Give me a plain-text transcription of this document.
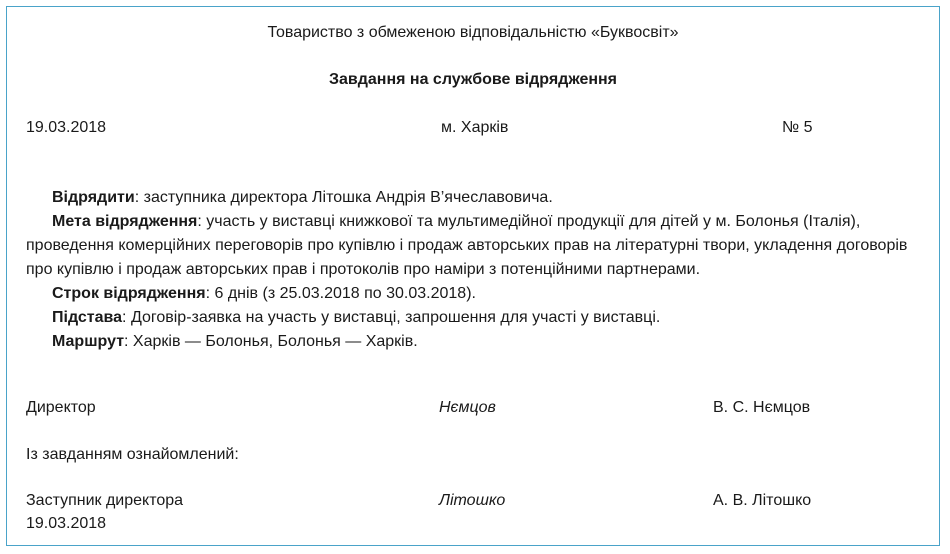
Товариство з обмеженою відповідальністю «Буквосвіт»
Завдання на службове відрядження
19.03.2018	м. Харків	№ 5

Відрядити: заступника директора Літошка Андрія В’ячеславовича.

Мета відрядження: участь у виставці книжкової та мультимедійної продукції для дітей у м. Болонья (Італія), проведення комерційних переговорів про купівлю і продаж авторських прав на літературні твори, укладення договорів про купівлю і продаж авторських прав і протоколів про наміри з потенційними партнерами.

Строк відрядження: 6 днів (з 25.03.2018 по 30.03.2018).

Підстава: Договір-заявка на участь у виставці, запрошення для участі у виставці.

Маршрут: Харків — Болонья, Болонья — Харків.

Директор	Нємцов	В. С. Нємцов
Із завданням ознайомлений:
Заступник директора	Літошко	А. В. Літошко
19.03.2018
